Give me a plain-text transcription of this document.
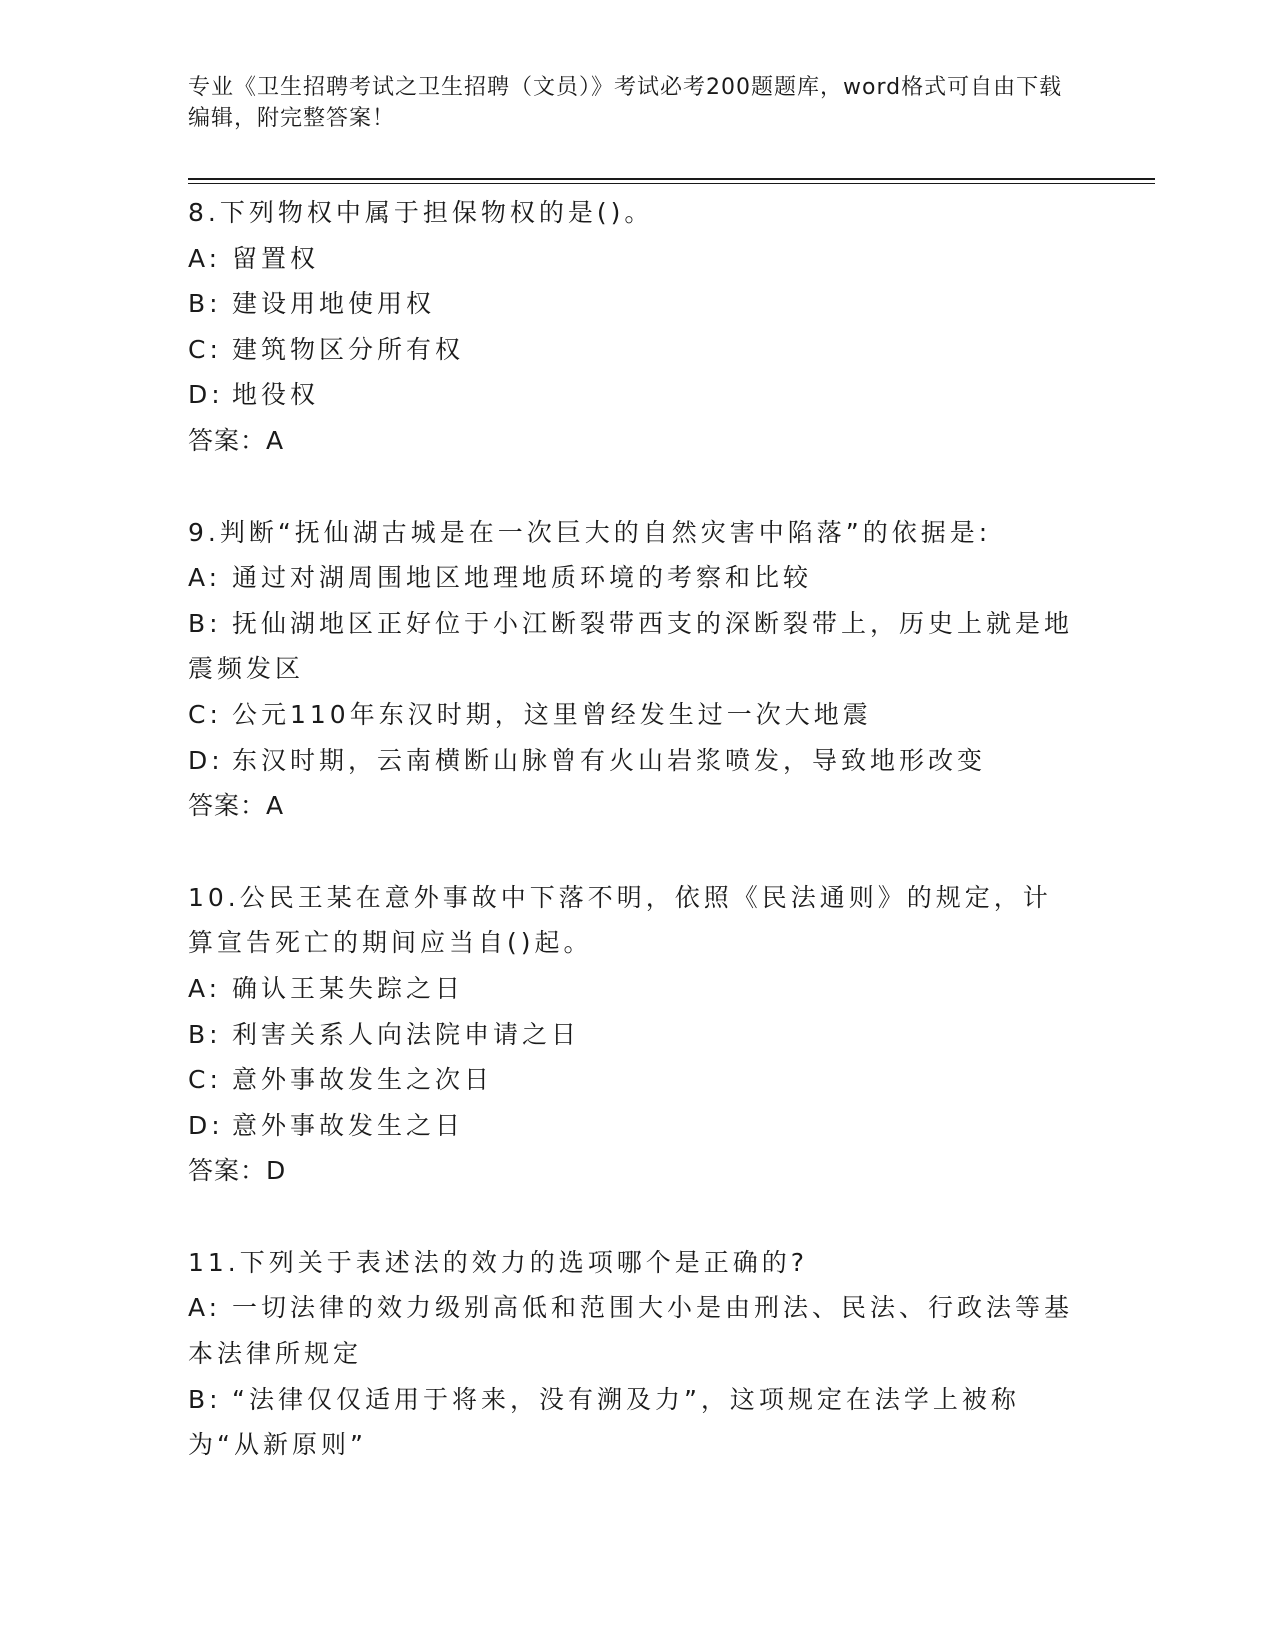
专业《卫生招聘考试之卫生招聘（文员）》考试必考200题题库，word格式可自由下载编辑，附完整答案！
8.下列物权中属于担保物权的是()。
A: 留置权
B: 建设用地使用权
C: 建筑物区分所有权
D: 地役权
答案：A
9.判断“抚仙湖古城是在一次巨大的自然灾害中陷落”的依据是:
A: 通过对湖周围地区地理地质环境的考察和比较
B: 抚仙湖地区正好位于小江断裂带西支的深断裂带上，历史上就是地震频发区
C: 公元110年东汉时期，这里曾经发生过一次大地震
D: 东汉时期，云南横断山脉曾有火山岩浆喷发，导致地形改变
答案：A
10.公民王某在意外事故中下落不明，依照《民法通则》的规定，计算宣告死亡的期间应当自()起。
A: 确认王某失踪之日
B: 利害关系人向法院申请之日
C: 意外事故发生之次日
D: 意外事故发生之日
答案：D
11.下列关于表述法的效力的选项哪个是正确的?
A: 一切法律的效力级别高低和范围大小是由刑法、民法、行政法等基本法律所规定
B: “法律仅仅适用于将来，没有溯及力”，这项规定在法学上被称为“从新原则”
